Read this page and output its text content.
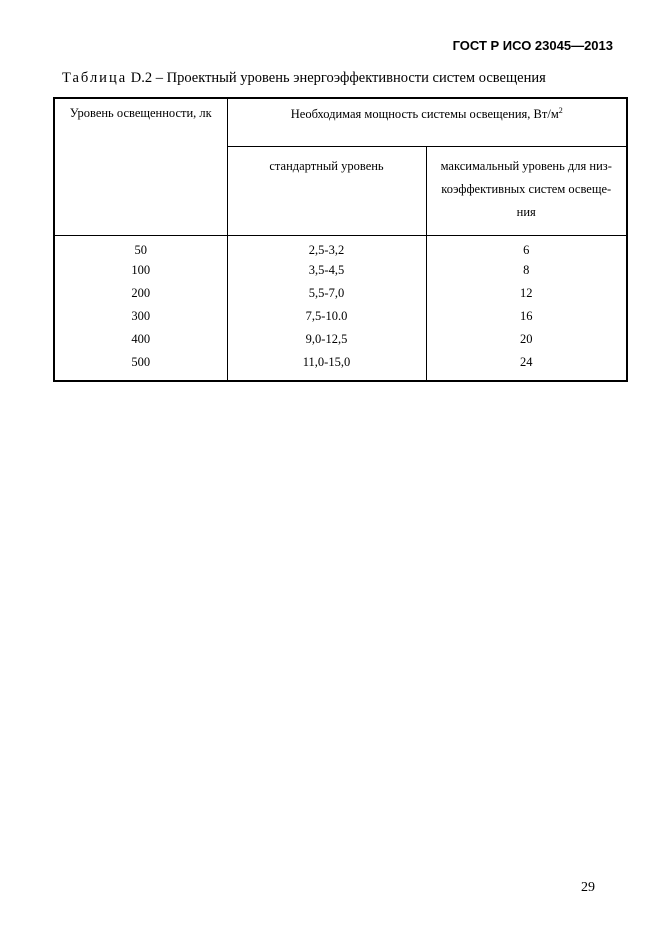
ГОСТ Р ИСО 23045—2013
Таблица D.2 – Проектный уровень энергоэффективности систем освещения
Уровень освещенности, лк	Необходимая мощность системы освещения, $Вт/м^2$
	стандартный уровень	максимальный уровень для низ-
коэффективных систем освеще-
ния

50	2,5-3,2	6
100	3,5-4,5	8
200	5,5-7,0	12
300	7,5-10.0	16
400	9,0-12,5	20
500	11,0-15,0	24
29
